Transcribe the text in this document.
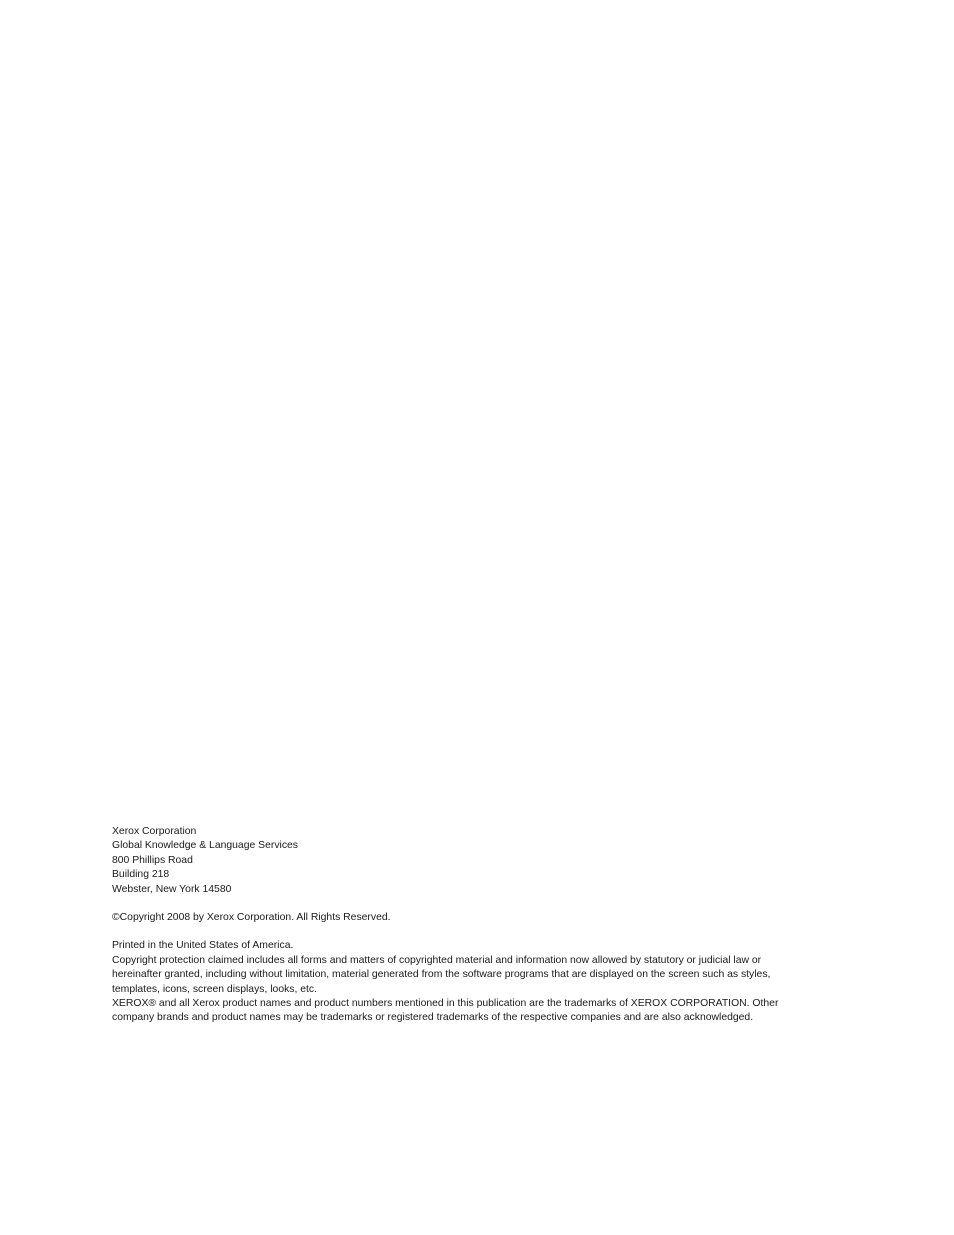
Xerox Corporation
Global Knowledge & Language Services
800 Phillips Road
Building 218
Webster, New York 14580

©Copyright 2008 by Xerox Corporation. All Rights Reserved.

Printed in the United States of America.
Copyright protection claimed includes all forms and matters of copyrighted material and information now allowed by statutory or judicial law or
hereinafter granted, including without limitation, material generated from the software programs that are displayed on the screen such as styles,
templates, icons, screen displays, looks, etc.
XEROX® and all Xerox product names and product numbers mentioned in this publication are the trademarks of XEROX CORPORATION. Other
company brands and product names may be trademarks or registered trademarks of the respective companies and are also acknowledged.
